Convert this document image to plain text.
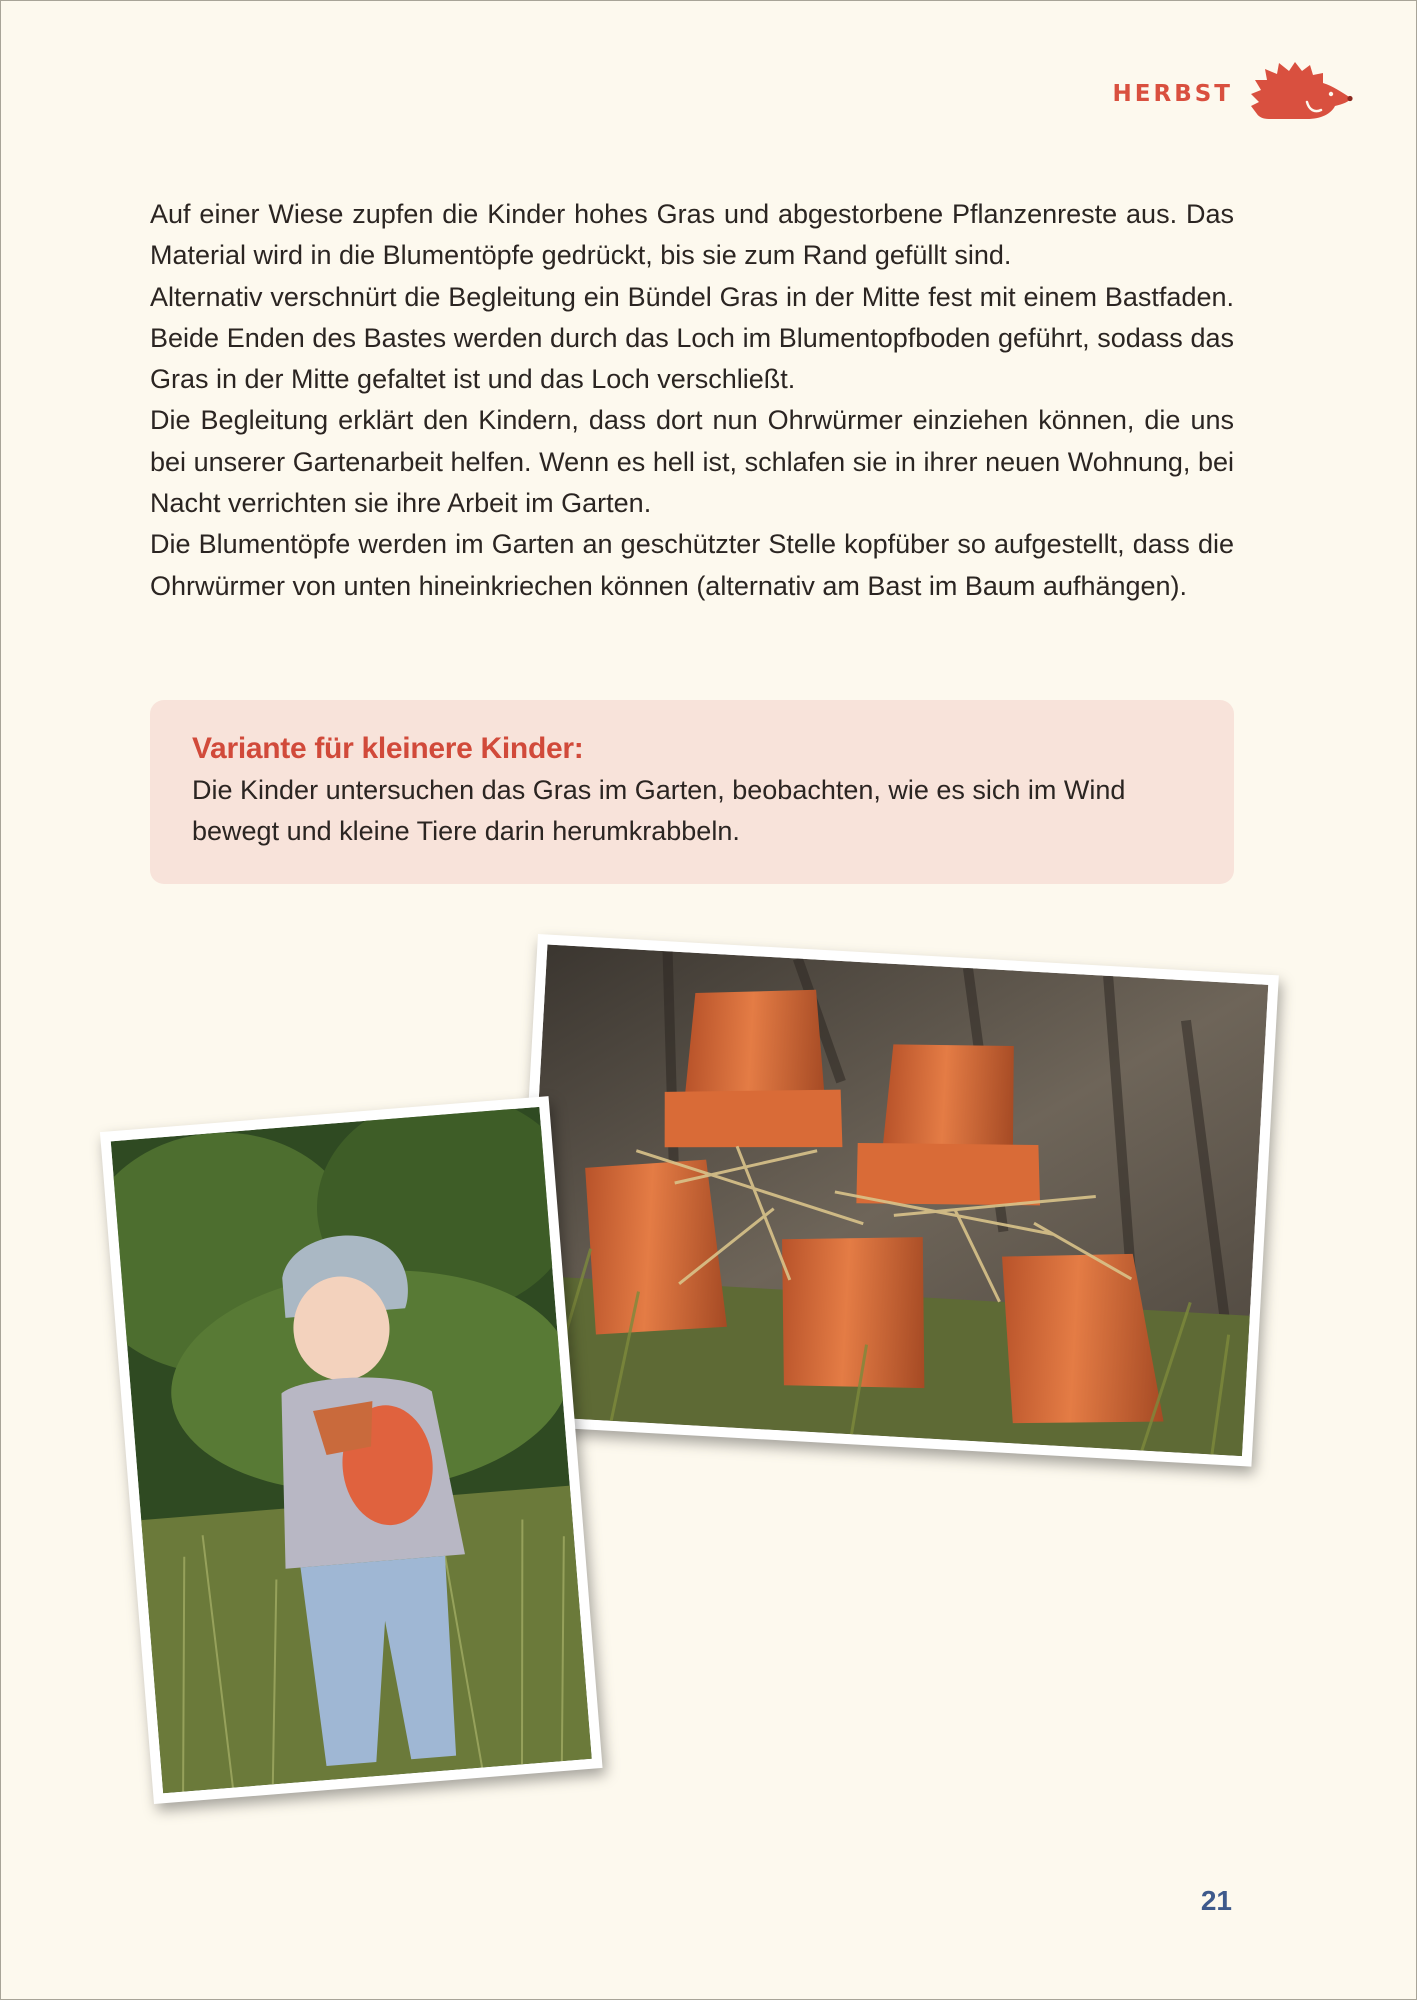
HERBST

Auf einer Wiese zupfen die Kinder hohes Gras und abgestorbene Pflanzenreste aus. Das Material wird in die Blumentöpfe gedrückt, bis sie zum Rand gefüllt sind.

Alternativ verschnürt die Begleitung ein Bündel Gras in der Mitte fest mit einem Bastfaden. Beide Enden des Bastes werden durch das Loch im Blumentopfboden geführt, sodass das Gras in der Mitte gefaltet ist und das Loch verschließt.

Die Begleitung erklärt den Kindern, dass dort nun Ohrwürmer einziehen können, die uns bei unserer Gartenarbeit helfen. Wenn es hell ist, schlafen sie in ihrer neuen Wohnung, bei Nacht verrichten sie ihre Arbeit im Garten.

Die Blumentöpfe werden im Garten an geschützter Stelle kopfüber so aufgestellt, dass die Ohrwürmer von unten hineinkriechen können (alternativ am Bast im Baum aufhängen).

Variante für kleinere Kinder:

Die Kinder untersuchen das Gras im Garten, beobachten, wie es sich im Wind bewegt und kleine Tiere darin herumkrabbeln.

21
